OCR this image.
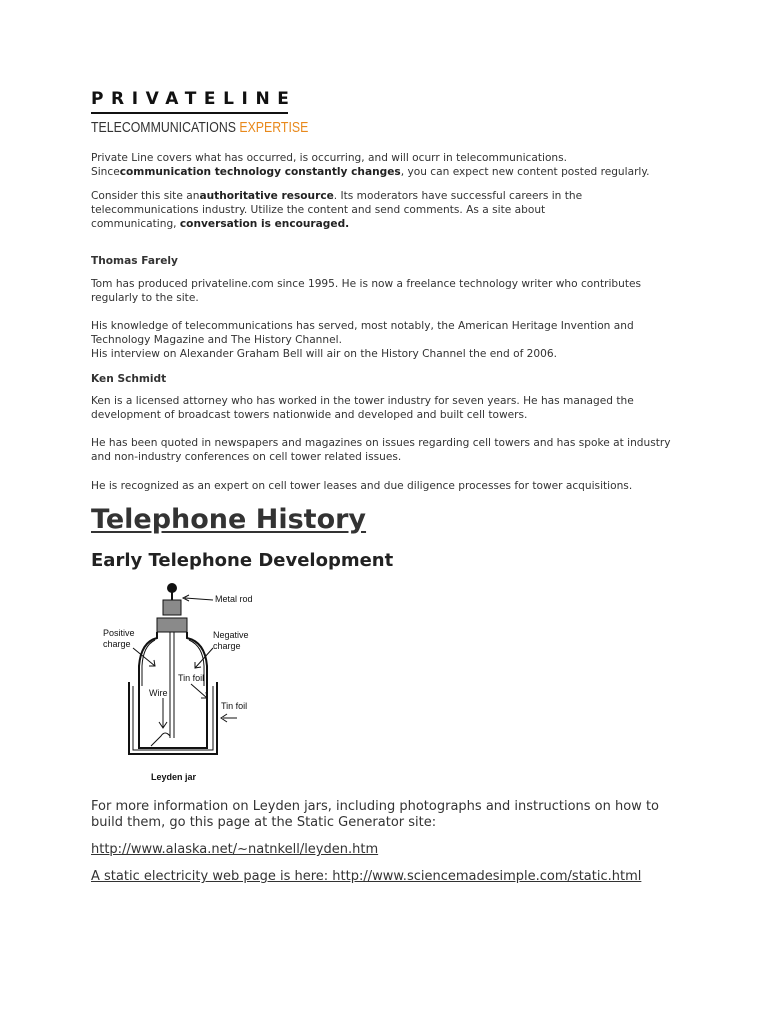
PRIVATELINE
TELECOMMUNICATIONS EXPERTISE
Private Line covers what has occurred, is occurring, and will ocurr in telecommunications.
Sincecommunication technology constantly changes, you can expect new content posted regularly.
Consider this site anauthoritative resource. Its moderators have successful careers in the
telecommunications industry. Utilize the content and send comments. As a site about
communicating, conversation is encouraged.
Thomas Farely
Tom has produced privateline.com since 1995. He is now a freelance technology writer who contributes
regularly to the site.
His knowledge of telecommunications has served, most notably, the American Heritage Invention and
Technology Magazine and The History Channel.
His interview on Alexander Graham Bell will air on the History Channel the end of 2006.
Ken Schmidt
Ken is a licensed attorney who has worked in the tower industry for seven years. He has managed the
development of broadcast towers nationwide and developed and built cell towers.
He has been quoted in newspapers and magazines on issues regarding cell towers and has spoke at industry
and non-industry conferences on cell tower related issues.
He is recognized as an expert on cell tower leases and due diligence processes for tower acquisitions.
Telephone History
Early Telephone Development
Metal rod
Positive
charge
Negative
charge
Tin foil
Wire
Tin foil
Leyden jar
For more information on Leyden jars, including photographs and instructions on how to
build them, go this page at the Static Generator site:
http://www.alaska.net/~natnkell/leyden.htm
A static electricity web page is here: http://www.sciencemadesimple.com/static.html
